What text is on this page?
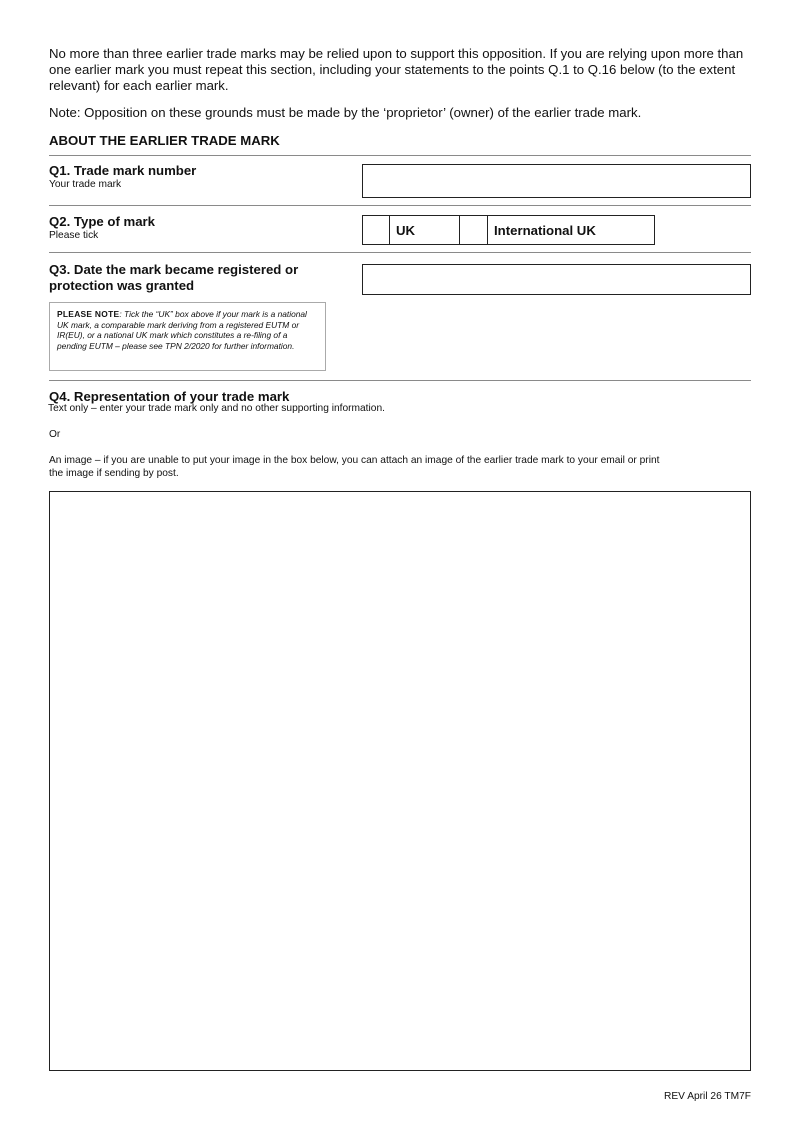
No more than three earlier trade marks may be relied upon to support this opposition. If you are relying upon more than one earlier mark you must repeat this section, including your statements to the points Q.1 to Q.16 below (to the extent relevant) for each earlier mark.

Note: Opposition on these grounds must be made by the ‘proprietor’ (owner) of the earlier trade mark.

ABOUT THE EARLIER TRADE MARK

Q1. Trade mark number

Your trade mark

Q2. Type of mark

Please tick	UK	International UK

Q3. Date the mark became registered or

protection was granted

PLEASE NOTE: Tick the “UK” box above if your mark is a national UK mark, a comparable mark deriving from a registered EUTM or IR(EU), or a national UK mark which constitutes a re-filing of a pending EUTM – please see TPN 2/2020 for further information.

Q4. Representation of your trade mark

Text only – enter your trade mark only and no other supporting information.

Or

An image – if you are unable to put your image in the box below, you can attach an image of the earlier trade mark to your email or print

the image if sending by post.

REV April 26 TM7F
